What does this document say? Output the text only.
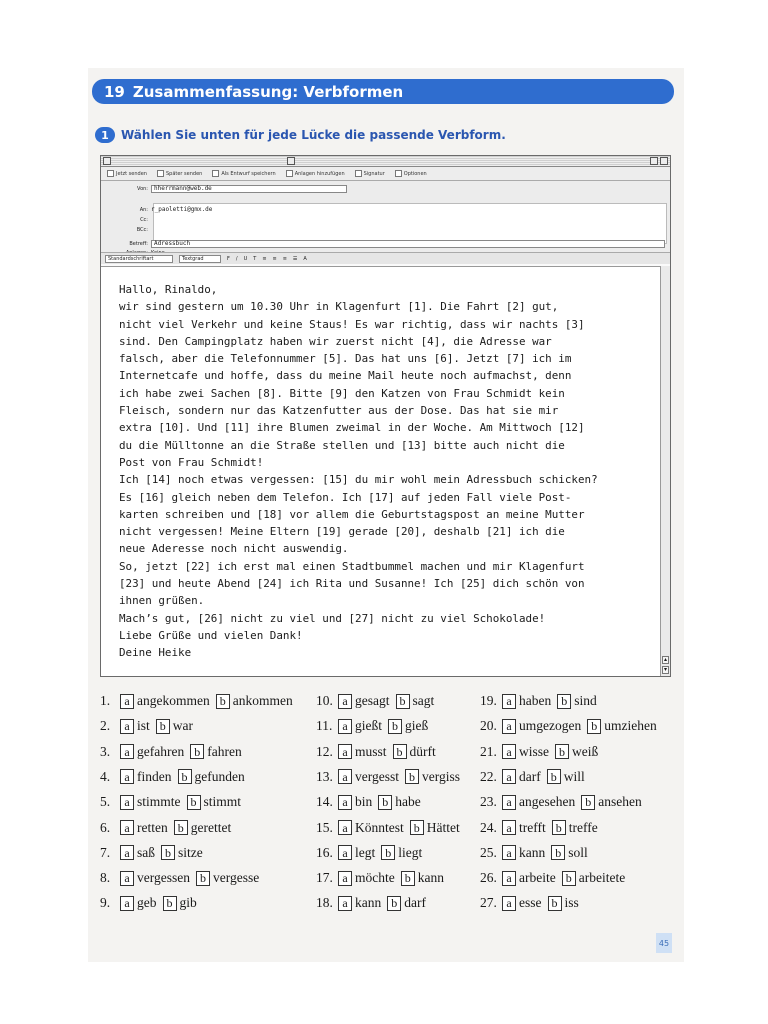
19 Zusammenfassung: Verbformen
1	Wählen Sie unten für jede Lücke die passende Verbform.
Jetzt senden	Später senden	Als Entwurf speichern	Anlagen hinzufügen	Signatur	Optionen
Von:	hherrmann@web.de
An: r_paoletti@gmx.de
Cc:
BCc:
Betreff:	Adressbuch
Standardschriftart	Textgrad	F / U T ≡ ≡ ≡ ☰ A
Hallo, Rinaldo,
wir sind gestern um 10.30 Uhr in Klagenfurt [1]. Die Fahrt [2] gut,
nicht viel Verkehr und keine Staus! Es war richtig, dass wir nachts [3]
sind. Den Campingplatz haben wir zuerst nicht [4], die Adresse war
falsch, aber die Telefonnummer [5]. Das hat uns [6]. Jetzt [7] ich im
Internetcafe und hoffe, dass du meine Mail heute noch aufmachst, denn
ich habe zwei Sachen [8]. Bitte [9] den Katzen von Frau Schmidt kein
Fleisch, sondern nur das Katzenfutter aus der Dose. Das hat sie mir
extra [10]. Und [11] ihre Blumen zweimal in der Woche. Am Mittwoch [12]
du die Mülltonne an die Straße stellen und [13] bitte auch nicht die
Post von Frau Schmidt!
Ich [14] noch etwas vergessen: [15] du mir wohl mein Adressbuch schicken?
Es [16] gleich neben dem Telefon. Ich [17] auf jeden Fall viele Post-
karten schreiben und [18] vor allem die Geburtstagspost an meine Mutter
nicht vergessen! Meine Eltern [19] gerade [20], deshalb [21] ich die
neue Aderesse noch nicht auswendig.
So, jetzt [22] ich erst mal einen Stadtbummel machen und mir Klagenfurt
[23] und heute Abend [24] ich Rita und Susanne! Ich [25] dich schön von
ihnen grüßen.
Mach’s gut, [26] nicht zu viel und [27] nicht zu viel Schokolade!
Liebe Grüße und vielen Dank!
Deine Heike
▴
▾
1.	a angekommen b ankommen
2.	a ist b war
3.	a gefahren b fahren
4.	a finden b gefunden
5.	a stimmte b stimmt
6.	a retten b gerettet
7.	a saß b sitze
8.	a vergessen b vergesse
9.	a geb b gib
10. a gesagt b sagt
11. a gießt b gieß
12. a musst b dürft
13. a vergesst b vergiss
14. a bin b habe
15. a Könntest b Hättet
16. a legt b liegt
17. a möchte b kann
18. a kann b darf
19. a haben b sind
20. a umgezogen b umziehen
21. a wisse b weiß
22. a darf b will
23. a angesehen b ansehen
24. a trefft b treffe
25. a kann b soll
26. a arbeite b arbeitete
27. a esse b iss
45
